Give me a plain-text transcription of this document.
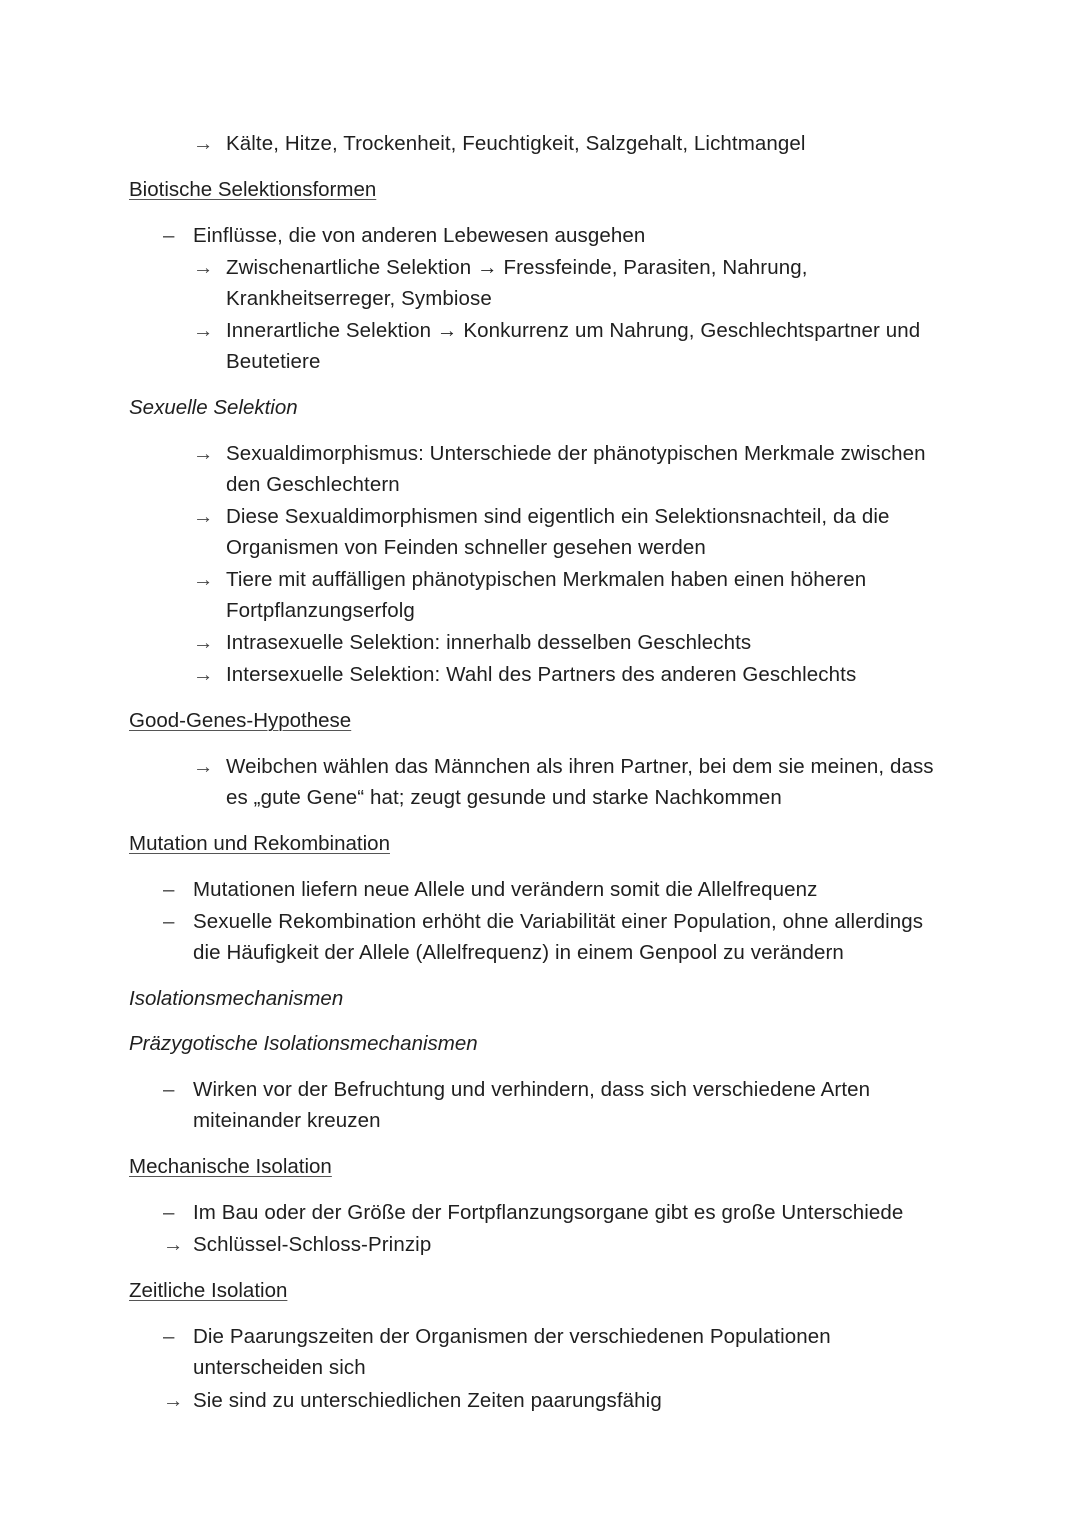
→ Kälte, Hitze, Trockenheit, Feuchtigkeit, Salzgehalt, Lichtmangel
Biotische Selektionsformen
– Einflüsse, die von anderen Lebewesen ausgehen
→ Zwischenartliche Selektion → Fressfeinde, Parasiten, Nahrung,
Krankheitserreger, Symbiose
→ Innerartliche Selektion → Konkurrenz um Nahrung, Geschlechtspartner und
Beutetiere
Sexuelle Selektion
→ Sexualdimorphismus: Unterschiede der phänotypischen Merkmale zwischen
den Geschlechtern
→ Diese Sexualdimorphismen sind eigentlich ein Selektionsnachteil, da die
Organismen von Feinden schneller gesehen werden
→ Tiere mit auffälligen phänotypischen Merkmalen haben einen höheren
Fortpflanzungserfolg
→ Intrasexuelle Selektion: innerhalb desselben Geschlechts
→ Intersexuelle Selektion: Wahl des Partners des anderen Geschlechts
Good-Genes-Hypothese
→ Weibchen wählen das Männchen als ihren Partner, bei dem sie meinen, dass
es „gute Gene“ hat; zeugt gesunde und starke Nachkommen
Mutation und Rekombination
– Mutationen liefern neue Allele und verändern somit die Allelfrequenz
– Sexuelle Rekombination erhöht die Variabilität einer Population, ohne allerdings
die Häufigkeit der Allele (Allelfrequenz) in einem Genpool zu verändern
Isolationsmechanismen
Präzygotische Isolationsmechanismen
– Wirken vor der Befruchtung und verhindern, dass sich verschiedene Arten
miteinander kreuzen
Mechanische Isolation
– Im Bau oder der Größe der Fortpflanzungsorgane gibt es große Unterschiede
→ Schlüssel-Schloss-Prinzip
Zeitliche Isolation
– Die Paarungszeiten der Organismen der verschiedenen Populationen
unterscheiden sich
→ Sie sind zu unterschiedlichen Zeiten paarungsfähig
